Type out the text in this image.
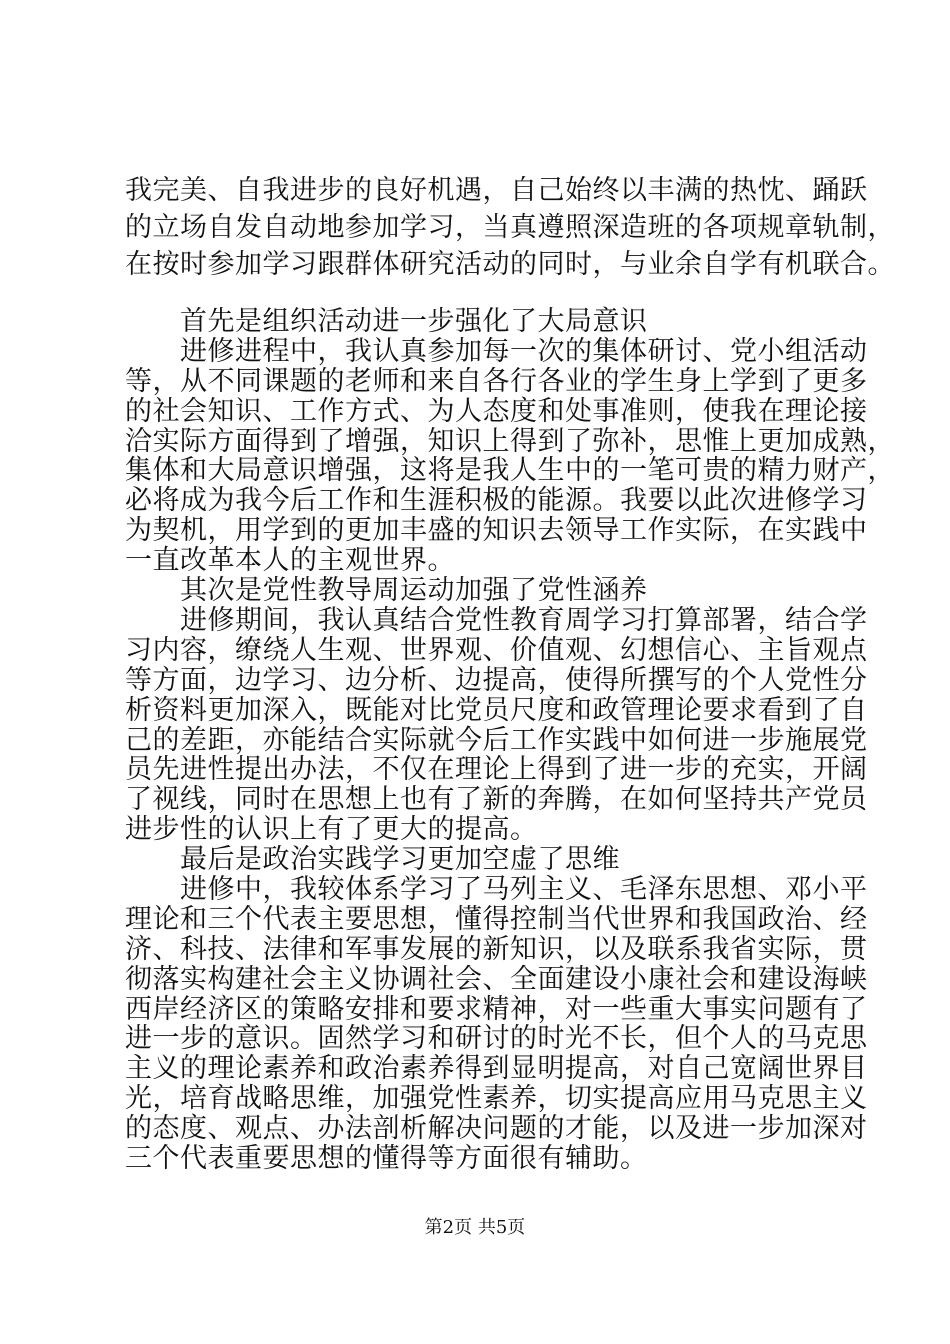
我完美、自我进步的良好机遇，自己始终以丰满的热忱、踊跃
的立场自发自动地参加学习，当真遵照深造班的各项规章轨制，
在按时参加学习跟群体研究活动的同时，与业余自学有机联合。
首先是组织活动进一步强化了大局意识
进修进程中，我认真参加每一次的集体研讨、党小组活动
等，从不同课题的老师和来自各行各业的学生身上学到了更多
的社会知识、工作方式、为人态度和处事准则，使我在理论接
洽实际方面得到了增强，知识上得到了弥补，思惟上更加成熟，
集体和大局意识增强，这将是我人生中的一笔可贵的精力财产，
必将成为我今后工作和生涯积极的能源。我要以此次进修学习
为契机，用学到的更加丰盛的知识去领导工作实际，在实践中
一直改革本人的主观世界。
其次是党性教导周运动加强了党性涵养
进修期间，我认真结合党性教育周学习打算部署，结合学
习内容，缭绕人生观、世界观、价值观、幻想信心、主旨观点
等方面，边学习、边分析、边提高，使得所撰写的个人党性分
析资料更加深入，既能对比党员尺度和政管理论要求看到了自
己的差距，亦能结合实际就今后工作实践中如何进一步施展党
员先进性提出办法，不仅在理论上得到了进一步的充实，开阔
了视线，同时在思想上也有了新的奔腾，在如何坚持共产党员
进步性的认识上有了更大的提高。
最后是政治实践学习更加空虚了思维
进修中，我较体系学习了马列主义、毛泽东思想、邓小平
理论和三个代表主要思想，懂得控制当代世界和我国政治、经
济、科技、法律和军事发展的新知识，以及联系我省实际，贯
彻落实构建社会主义协调社会、全面建设小康社会和建设海峡
西岸经济区的策略安排和要求精神，对一些重大事实问题有了
进一步的意识。固然学习和研讨的时光不长，但个人的马克思
主义的理论素养和政治素养得到显明提高，对自己宽阔世界目
光，培育战略思维，加强党性素养，切实提高应用马克思主义
的态度、观点、办法剖析解决问题的才能，以及进一步加深对
三个代表重要思想的懂得等方面很有辅助。
第2页 共5页
